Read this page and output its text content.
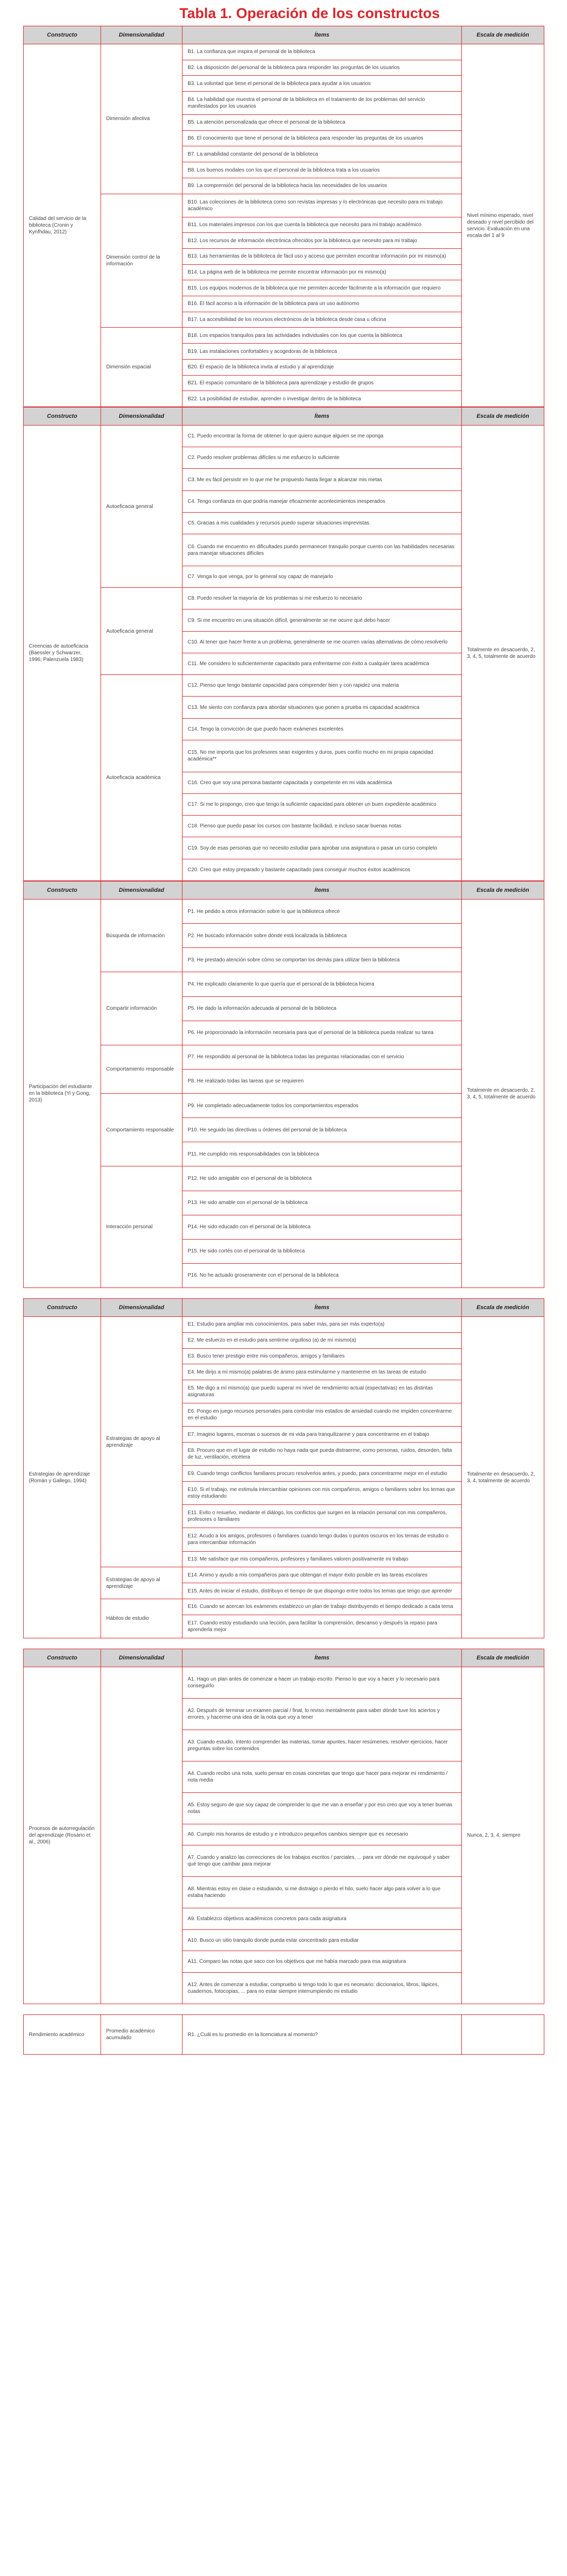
Tabla 1. Operación de los constructos
Constructo	Dimensionalidad	Ítems	Escala de medición
Calidad del servicio de la biblioteca (Cronin y Kynfhdau, 2012)	Dimensión afectiva	B1. La confianza que inspira el personal de la biblioteca	Nivel mínimo esperado, nivel deseado y nivel percibido del servicio. Evaluación en una escala del 1 al 9
		B2. La disposición del personal de la biblioteca para responder las preguntas de los usuarios	
		B3. La voluntad que tiene el personal de la biblioteca para ayudar a los usuarios	
		B4. La habilidad que muestra el personal de la biblioteca en el tratamiento de los problemas del servicio manifestados por los usuarios	
		B5. La atención personalizada que ofrece el personal de la biblioteca	
		B6. El conocimiento que tiene el personal de la biblioteca para responder las preguntas de los usuarios	
		B7. La amabilidad constante del personal de la biblioteca	
		B8. Los buenos modales con los que el personal de la biblioteca trata a los usuarios	
		B9. La comprensión del personal de la biblioteca hacia las necesidades de los usuarios	
	Dimensión control de la información	B10. Las colecciones de la biblioteca como son revistas impresas y /o electrónicas que necesito para mi trabajo académico	
		B11. Los materiales impresos con los que cuenta la biblioteca que necesito para mi trabajo académico	
		B12. Los recursos de información electrónica ofrecidos por la biblioteca que necesito para mi trabajo	
		B13. Las herramientas de la biblioteca de fácil uso y acceso que permiten encontrar información por mi mismo(a)	
		B14. La página web de la biblioteca me permite encontrar información por mi mismo(a)	
		B15. Los equipos modernos de la biblioteca que me permiten acceder fácilmente a la información que requiero	
		B16. El fácil acceso a la información de la biblioteca para un uso autónomo	
		B17. La accesibilidad de los recursos electrónicos de la biblioteca desde casa u oficina	
	Dimensión espacial	B18. Los espacios tranquilos para las actividades individuales con los que cuenta la biblioteca	
		B19. Las instalaciones confortables y acogedoras de la biblioteca	
		B20. El espacio de la biblioteca invita al estudio y al aprendizaje	
		B21. El espacio comunitario de la biblioteca para aprendizaje y estudio de grupos	
		B22. La posibilidad de estudiar, aprender o investigar dentro de la biblioteca	
Constructo	Dimensionalidad	Ítems	Escala de medición
Creencias de autoeficacia (Baessler y Schwarzer, 1996; Palenzuela 1983)	Autoeficacia general	C1. Puedo encontrar la forma de obtener lo que quiero aunque alguien se me oponga	Totalmente en desacuerdo, 2, 3, 4, 5, totalmente de acuerdo
		C2. Puedo resolver problemas difíciles si me esfuerzo lo suficiente	
		C3. Me es fácil persistir en lo que me he propuesto hasta llegar a alcanzar mis metas	
		C4. Tengo confianza en que podría manejar eficazmente acontecimientos inesperados	
		C5. Gracias a mis cualidades y recursos puedo superar situaciones imprevistas	
		C6. Cuando me encuentro en dificultades puedo permanecer tranquilo porque cuento con las habilidades necesarias para manejar situaciones difíciles	
		C7. Venga lo que venga, por lo general soy capaz de manejarlo	
	Autoeficacia general	C8. Puedo resolver la mayoría de los problemas si me esfuerzo lo necesario	
		C9. Si me encuentro en una situación difícil, generalmente se me ocurre qué debo hacer	
		C10. Al tener que hacer frente a un problema, generalmente se me ocurren varias alternativas de cómo resolverlo	
		C11. Me considero lo suficientemente capacitado para enfrentarme con éxito a cualquier tarea académica	
	Autoeficacia académica	C12. Pienso que tengo bastante capacidad para comprender bien y con rapidez una materia	
		C13. Me siento con confianza para abordar situaciones que ponen a prueba mi capacidad académica	
		C14. Tengo la convicción de que puedo hacer exámenes excelentes	
		C15. No me importa que los profesores sean exigentes y duros, pues confío mucho en mi propia capacidad académica**	
		C16. Creo que soy una persona bastante capacitada y competente en mi vida académica	
		C17. Si me lo propongo, creo que tengo la suficiente capacidad para obtener un buen expediente académico	
		C18. Pienso que puedo pasar los cursos con bastante facilidad, e incluso sacar buenas notas	
		C19. Soy de esas personas que no necesito estudiar para aprobar una asignatura o pasar un curso completo	
		C20. Creo que estoy preparado y bastante capacitado para conseguir muchos éxitos académicos	
Constructo	Dimensionalidad	Ítems	Escala de medición
Participación del estudiante en la biblioteca (Yi y Gong, 2013)	Búsqueda de información	P1. He pedido a otros información sobre lo que la biblioteca ofrece	Totalmente en desacuerdo, 2, 3, 4, 5, totalmente de acuerdo
		P2. He buscado información sobre dónde está localizada la biblioteca	
		P3. He prestado atención sobre cómo se comportan los demás para utilizar bien la biblioteca	
	Compartir información	P4. He explicado claramente lo que quería que el personal de la biblioteca hiciera	
		P5. He dado la información adecuada al personal de la biblioteca	
		P6. He proporcionado la información necesaria para que el personal de la biblioteca pueda realizar su tarea	
	Comportamiento responsable	P7. He respondido al personal de la biblioteca todas las preguntas relacionadas con el servicio	
		P8. He realizado todas las tareas que se requieren	
	Comportamiento responsable	P9. He completado adecuadamente todos los comportamientos esperados	
		P10. He seguido las directivas u órdenes del personal de la biblioteca	
		P11. He cumplido mis responsabilidades con la biblioteca	
	Interacción personal	P12. He sido amigable con el personal de la biblioteca	
		P13. He sido amable con el personal de la biblioteca	
		P14. He sido educado con el personal de la biblioteca	
		P15. He sido cortés con el personal de la biblioteca	
		P16. No he actuado groseramente con el personal de la biblioteca	
Constructo	Dimensionalidad	Ítems	Escala de medición
Estrategias de aprendizaje (Román y Gallego, 1994)	Estrategias de apoyo al aprendizaje	E1. Estudio para ampliar mis conocimientos, para saber más, para ser más experto(a)	Totalmente en desacuerdo, 2, 3, 4, totalmente de acuerdo
		E2. Me esfuerzo en el estudio para sentirme orgulloso (a) de mí mismo(a)	
		E3. Busco tener prestigio entre mis compañeros, amigos y familiares	
		E4. Me dirijo a mí mismo(a) palabras de ánimo para estimularme y mantenerme en las tareas de estudio	
		E5. Me digo a mí mismo(a) que puedo superar mi nivel de rendimiento actual (expectativas) en las distintas asignaturas	
		E6. Pongo en juego recursos personales para controlar mis estados de ansiedad cuando me impiden concentrarme en el estudio	
		E7. Imagino lugares, escenas o sucesos de mi vida para tranquilizarme y para concentrarme en el trabajo	
		E8. Procuro que en el lugar de estudio no haya nada que pueda distraerme, como personas, ruidos, desorden, falta de luz, ventilación, etcétera	
		E9. Cuando tengo conflictos familiares procuro resolverlos antes, y puedo, para concentrarme mejor en el estudio	
		E10. Si el trabajo, me estimula intercambiar opiniones con mis compañeros, amigos o familiares sobre los temas que estoy estudiando	
		E11. Evito o resuelvo, mediante el diálogo, los conflictos que surgen en la relación personal con mis compañeros, profesores o familiares	
		E12. Acudo a los amigos, profesores o familiares cuando tengo dudas o puntos oscuros en los temas de estudio o para intercambiar información	
		E13. Me satisface que mis compañeros, profesores y familiares valoren positivamente mi trabajo	
	Estrategias de apoyo al aprendizaje	E14. Animo y ayudo a mis compañeros para que obtengan el mayor éxito posible en las tareas escolares	
		E15. Antes de iniciar el estudio, distribuyo el tiempo de que dispongo entre todos los temas que tengo que aprender	
	Hábitos de estudio	E16. Cuando se acercan los exámenes establezco un plan de trabajo distribuyendo el tiempo dedicado a cada tema	
		E17. Cuando estoy estudiando una lección, para facilitar la comprensión, descanso y después la repaso para aprenderla mejor	
Constructo	Dimensionalidad	Ítems	Escala de medición
Procesos de autorregulación del aprendizaje (Rosário et al., 2006)		A1. Hago un plan antes de comenzar a hacer un trabajo escrito. Pienso lo que voy a hacer y lo necesario para conseguirlo	Nunca, 2, 3, 4, siempre
		A2. Después de terminar un examen parcial / final, lo reviso mentalmente para saber dónde tuve los aciertos y errores, y hacerme una idea de la nota que voy a tener	
		A3. Cuando estudio, intento comprender las materias, tomar apuntes, hacer resúmenes, resolver ejercicios, hacer preguntas sobre los contenidos	
		A4. Cuando recibo una nota, suelo pensar en cosas concretas que tengo que hacer para mejorar mi rendimiento / nota media	
		A5. Estoy seguro de que soy capaz de comprender lo que me van a enseñar y por eso creo que voy a tener buenas notas	
		A6. Cumplo mis horarios de estudio y e introduzco pequeños cambios siempre que es necesario	
		A7. Cuando y analizo las correcciones de los trabajos escritos / parciales, ... para ver dónde me equivoqué y saber qué tengo que cambiar para mejorar	
		A8. Mientras estoy en clase o estudiando, si me distraigo o pierdo el hilo, suelo hacer algo para volver a lo que estaba haciendo	
		A9. Establezco objetivos académicos concretos para cada asignatura	
		A10. Busco un sitio tranquilo donde pueda estar concentrado para estudiar	
		A11. Comparo las notas que saco con los objetivos que me había marcado para esa asignatura	
		A12. Antes de comenzar a estudiar, compruebo si tengo todo lo que es necesario: diccionarios, libros, lápices, cuadernos, fotocopias, ... para no estar siempre interrumpiendo mi estudio	
Rendimiento académico	Promedio académico acumulado	R1. ¿Cuál es tu promedio en la licenciatura al momento?	
